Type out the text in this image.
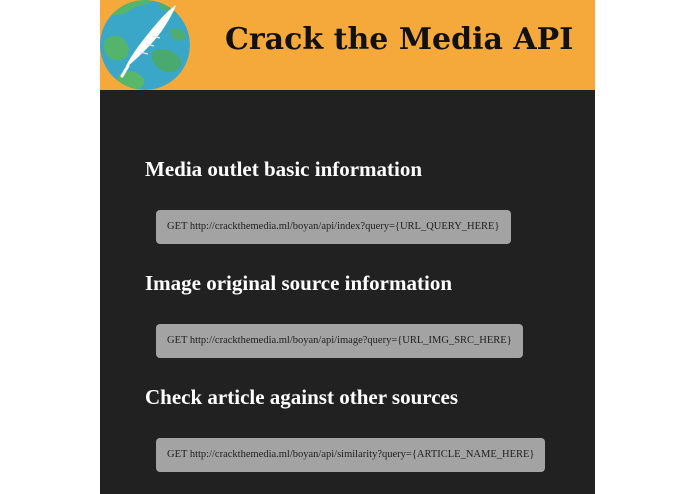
Crack the Media API
Media outlet basic information
GET http://crackthemedia.ml/boyan/api/index?query={URL_QUERY_HERE}
Image original source information
GET http://crackthemedia.ml/boyan/api/image?query={URL_IMG_SRC_HERE}
Check article against other sources
GET http://crackthemedia.ml/boyan/api/similarity?query={ARTICLE_NAME_HERE}
